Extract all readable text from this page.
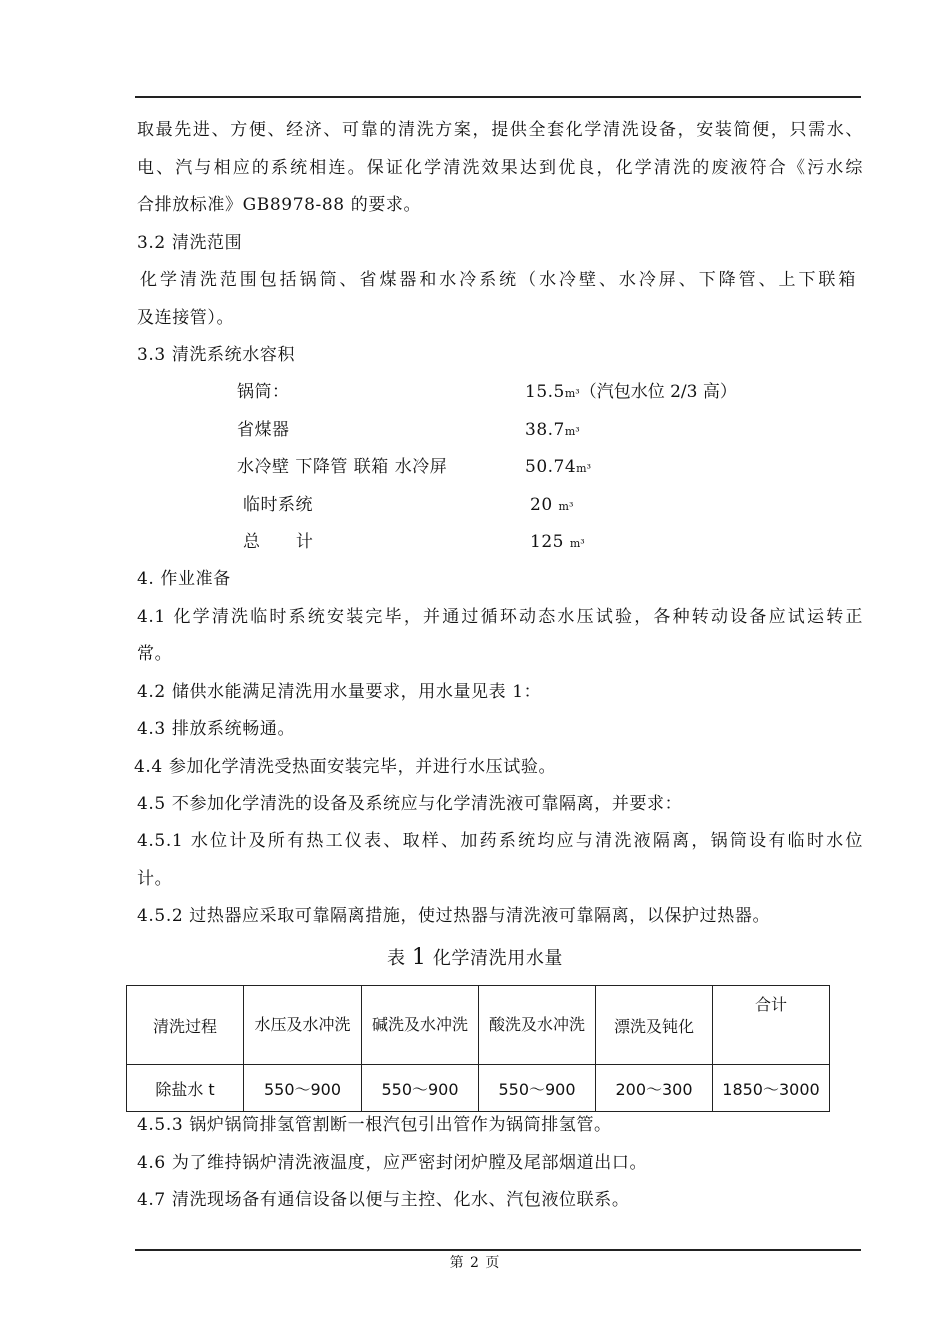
取最先进、方便、经济、可靠的清洗方案，提供全套化学清洗设备，安装简便，只需水、
电、汽与相应的系统相连。保证化学清洗效果达到优良，化学清洗的废液符合《污水综
合排放标准》GB8978-88 的要求。
3.2 清洗范围
化学清洗范围包括锅筒、省煤器和水冷系统（水冷壁、水冷屏、下降管、上下联箱
及连接管）。
3.3 清洗系统水容积
锅筒：	15.5m³（汽包水位 2/3 高）
省煤器	38.7m³
水冷壁 下降管 联箱 水冷屏	50.74m³
临时系统	20 m³
总      计	125 m³
4. 作业准备
4.1 化学清洗临时系统安装完毕，并通过循环动态水压试验，各种转动设备应试运转正
常。
4.2 储供水能满足清洗用水量要求，用水量见表 1：
4.3 排放系统畅通。
4.4 参加化学清洗受热面安装完毕，并进行水压试验。
4.5 不参加化学清洗的设备及系统应与化学清洗液可靠隔离，并要求：
4.5.1 水位计及所有热工仪表、取样、加药系统均应与清洗液隔离，锅筒设有临时水位
计。
4.5.2 过热器应采取可靠隔离措施，使过热器与清洗液可靠隔离，以保护过热器。
表 1 化学清洗用水量
清洗过程	水压及水冲洗	碱洗及水冲洗	酸洗及水冲洗	漂洗及钝化	合计
除盐水 t	550～900	550～900	550～900	200～300	1850～3000
4.5.3 锅炉锅筒排氢管割断一根汽包引出管作为锅筒排氢管。
4.6 为了维持锅炉清洗液温度，应严密封闭炉膛及尾部烟道出口。
4.7 清洗现场备有通信设备以便与主控、化水、汽包液位联系。
第 2 页
